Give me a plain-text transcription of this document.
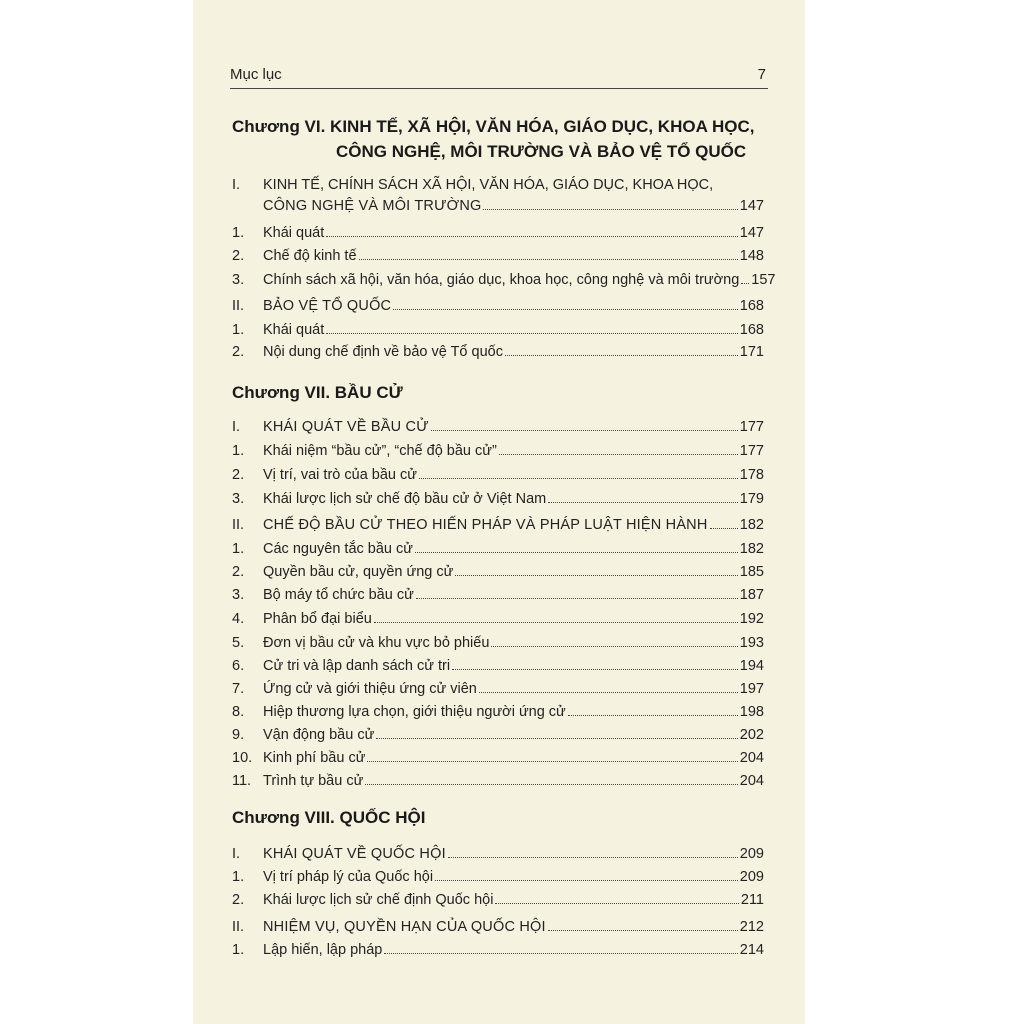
Mục lục	7
Chương VI. KINH TẾ, XÃ HỘI, VĂN HÓA, GIÁO DỤC, KHOA HỌC,
CÔNG NGHỆ, MÔI TRƯỜNG VÀ BẢO VỆ TỔ QUỐC
I. KINH TẾ, CHÍNH SÁCH XÃ HỘI, VĂN HÓA, GIÁO DỤC, KHOA HỌC,
CÔNG NGHỆ VÀ MÔI TRƯỜNG	147
1.	Khái quát	147
2.	Chế độ kinh tế	148
3.	Chính sách xã hội, văn hóa, giáo dục, khoa học, công nghệ và môi trường 157
II.	BẢO VỆ TỔ QUỐC	168
1.	Khái quát	168
2.	Nội dung chế định về bảo vệ Tổ quốc	171
Chương VII. BẦU CỬ
I.	KHÁI QUÁT VỀ BẦU CỬ	177
1.	Khái niệm “bầu cử”, “chế độ bầu cử”	177
2.	Vị trí, vai trò của bầu cử	178
3.	Khái lược lịch sử chế độ bầu cử ở Việt Nam	179
II.	CHẾ ĐỘ BẦU CỬ THEO HIẾN PHÁP VÀ PHÁP LUẬT HIỆN HÀNH 182
1.	Các nguyên tắc bầu cử	182
2.	Quyền bầu cử, quyền ứng cử	185
3.	Bộ máy tổ chức bầu cử	187
4.	Phân bổ đại biểu	192
5.	Đơn vị bầu cử và khu vực bỏ phiếu	193
6.	Cử tri và lập danh sách cử tri	194
7.	Ứng cử và giới thiệu ứng cử viên	197
8.	Hiệp thương lựa chọn, giới thiệu người ứng cử	198
9.	Vận động bầu cử	202
10. Kinh phí bầu cử	204
11. Trình tự bầu cử	204
Chương VIII. QUỐC HỘI
I.	KHÁI QUÁT VỀ QUỐC HỘI	209
1.	Vị trí pháp lý của Quốc hội	209
2.	Khái lược lịch sử chế định Quốc hội	211
II.	NHIỆM VỤ, QUYỀN HẠN CỦA QUỐC HỘI	212
1.	Lập hiến, lập pháp	214
